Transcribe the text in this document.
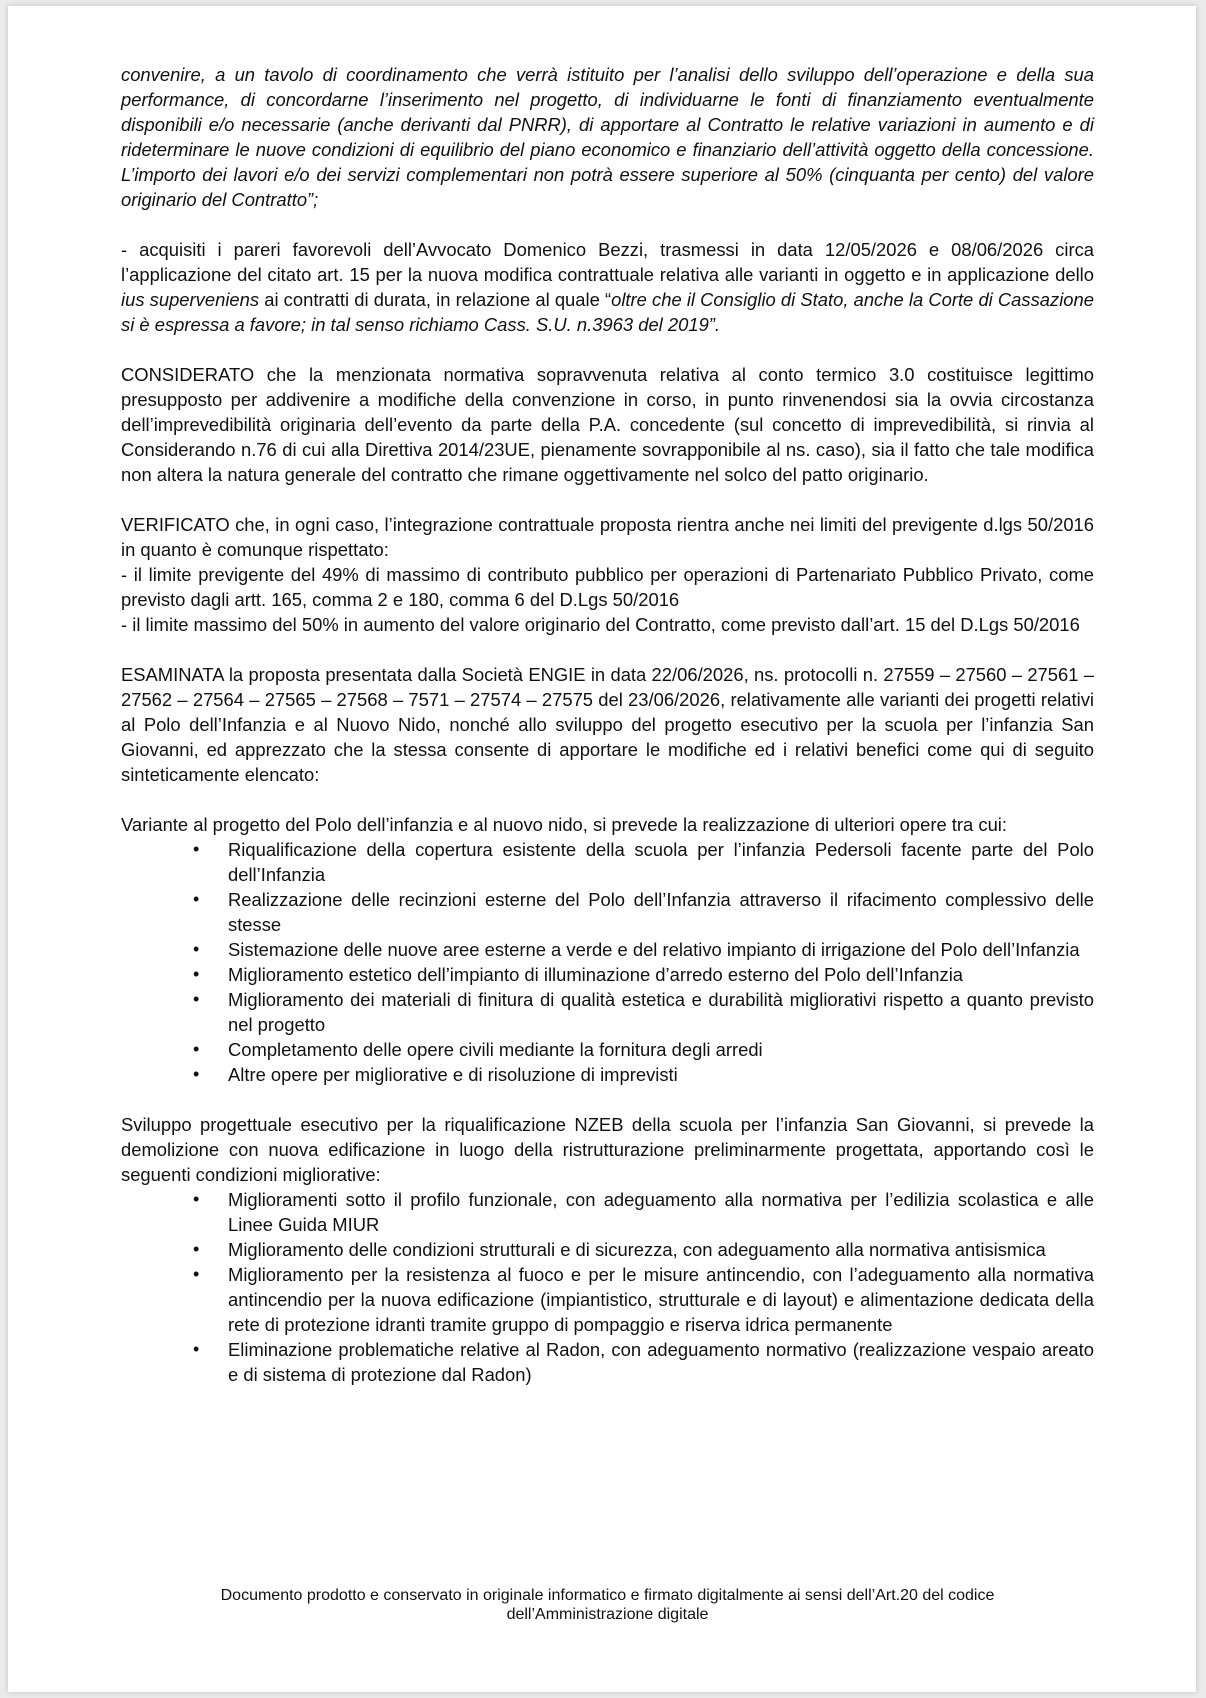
convenire, a un tavolo di coordinamento che verrà istituito per l’analisi dello sviluppo dell’operazione e della sua performance, di concordarne l’inserimento nel progetto, di individuarne le fonti di finanziamento eventualmente disponibili e/o necessarie (anche derivanti dal PNRR), di apportare al Contratto le relative variazioni in aumento e di rideterminare le nuove condizioni di equilibrio del piano economico e finanziario dell’attività oggetto della concessione. L’importo dei lavori e/o dei servizi complementari non potrà essere superiore al 50% (cinquanta per cento) del valore originario del Contratto”;

- acquisiti i pareri favorevoli dell’Avvocato Domenico Bezzi, trasmessi in data 12/05/2026 e 08/06/2026 circa l’applicazione del citato art. 15 per la nuova modifica contrattuale relativa alle varianti in oggetto e in applicazione dello ius superveniens ai contratti di durata, in relazione al quale “oltre che il Consiglio di Stato, anche la Corte di Cassazione si è espressa a favore; in tal senso richiamo Cass. S.U. n.3963 del 2019”.

CONSIDERATO che la menzionata normativa sopravvenuta relativa al conto termico 3.0 costituisce legittimo presupposto per addivenire a modifiche della convenzione in corso, in punto rinvenendosi sia la ovvia circostanza dell’imprevedibilità originaria dell’evento da parte della P.A. concedente (sul concetto di imprevedibilità, si rinvia al Considerando n.76 di cui alla Direttiva 2014/23UE, pienamente sovrapponibile al ns. caso), sia il fatto che tale modifica non altera la natura generale del contratto che rimane oggettivamente nel solco del patto originario.

VERIFICATO che, in ogni caso, l’integrazione contrattuale proposta rientra anche nei limiti del previgente d.lgs 50/2016 in quanto è comunque rispettato:

- il limite previgente del 49% di massimo di contributo pubblico per operazioni di Partenariato Pubblico Privato, come previsto dagli artt. 165, comma 2 e 180, comma 6 del D.Lgs 50/2016

- il limite massimo del 50% in aumento del valore originario del Contratto, come previsto dall’art. 15 del D.Lgs 50/2016

ESAMINATA la proposta presentata dalla Società ENGIE in data 22/06/2026, ns. protocolli n. 27559 – 27560 – 27561 – 27562 – 27564 – 27565 – 27568 – 7571 – 27574 – 27575 del 23/06/2026, relativamente alle varianti dei progetti relativi al Polo dell’Infanzia e al Nuovo Nido, nonché allo sviluppo del progetto esecutivo per la scuola per l’infanzia San Giovanni, ed apprezzato che la stessa consente di apportare le modifiche ed i relativi benefici come qui di seguito sinteticamente elencato:

Variante al progetto del Polo dell’infanzia e al nuovo nido, si prevede la realizzazione di ulteriori opere tra cui:

• Riqualificazione della copertura esistente della scuola per l’infanzia Pedersoli facente parte del Polo dell’Infanzia
• Realizzazione delle recinzioni esterne del Polo dell’Infanzia attraverso il rifacimento complessivo delle stesse
• Sistemazione delle nuove aree esterne a verde e del relativo impianto di irrigazione del Polo dell’Infanzia
• Miglioramento estetico dell’impianto di illuminazione d’arredo esterno del Polo dell’Infanzia
• Miglioramento dei materiali di finitura di qualità estetica e durabilità migliorativi rispetto a quanto previsto nel progetto
• Completamento delle opere civili mediante la fornitura degli arredi
• Altre opere per migliorative e di risoluzione di imprevisti

Sviluppo progettuale esecutivo per la riqualificazione NZEB della scuola per l’infanzia San Giovanni, si prevede la demolizione con nuova edificazione in luogo della ristrutturazione preliminarmente progettata, apportando così le seguenti condizioni migliorative:

• Miglioramenti sotto il profilo funzionale, con adeguamento alla normativa per l’edilizia scolastica e alle Linee Guida MIUR
• Miglioramento delle condizioni strutturali e di sicurezza, con adeguamento alla normativa antisismica
• Miglioramento per la resistenza al fuoco e per le misure antincendio, con l’adeguamento alla normativa antincendio per la nuova edificazione (impiantistico, strutturale e di layout) e alimentazione dedicata della rete di protezione idranti tramite gruppo di pompaggio e riserva idrica permanente
• Eliminazione problematiche relative al Radon, con adeguamento normativo (realizzazione vespaio areato e di sistema di protezione dal Radon)
Documento prodotto e conservato in originale informatico e firmato digitalmente ai sensi dell’Art.20 del codice
dell’Amministrazione digitale
